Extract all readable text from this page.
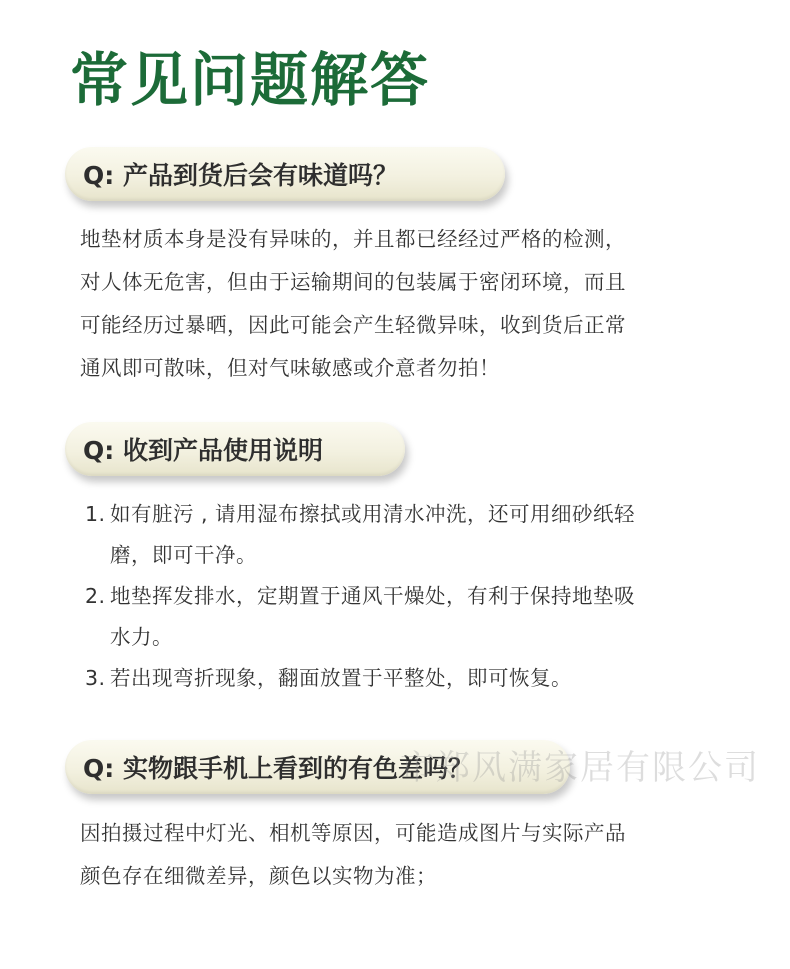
常见问题解答
Q: 产品到货后会有味道吗？

地垫材质本身是没有异味的，并且都已经经过严格的检测，

对人体无危害，但由于运输期间的包装属于密闭环境，而且

可能经历过暴晒，因此可能会产生轻微异味，收到货后正常

通风即可散味，但对气味敏感或介意者勿拍！

Q: 收到产品使用说明
1. 如有脏污 , 请用湿布擦拭或用清水冲洗，还可用细砂纸轻
磨，即可干净。
2. 地垫挥发排水，定期置于通风干燥处，有利于保持地垫吸
水力。
3. 若出现弯折现象，翻面放置于平整处，即可恢复。
Q: 实物跟手机上看到的有色差吗？

因拍摄过程中灯光、相机等原因，可能造成图片与实际产品

颜色存在细微差异，颜色以实物为准；

市郑风满家居有限公司
